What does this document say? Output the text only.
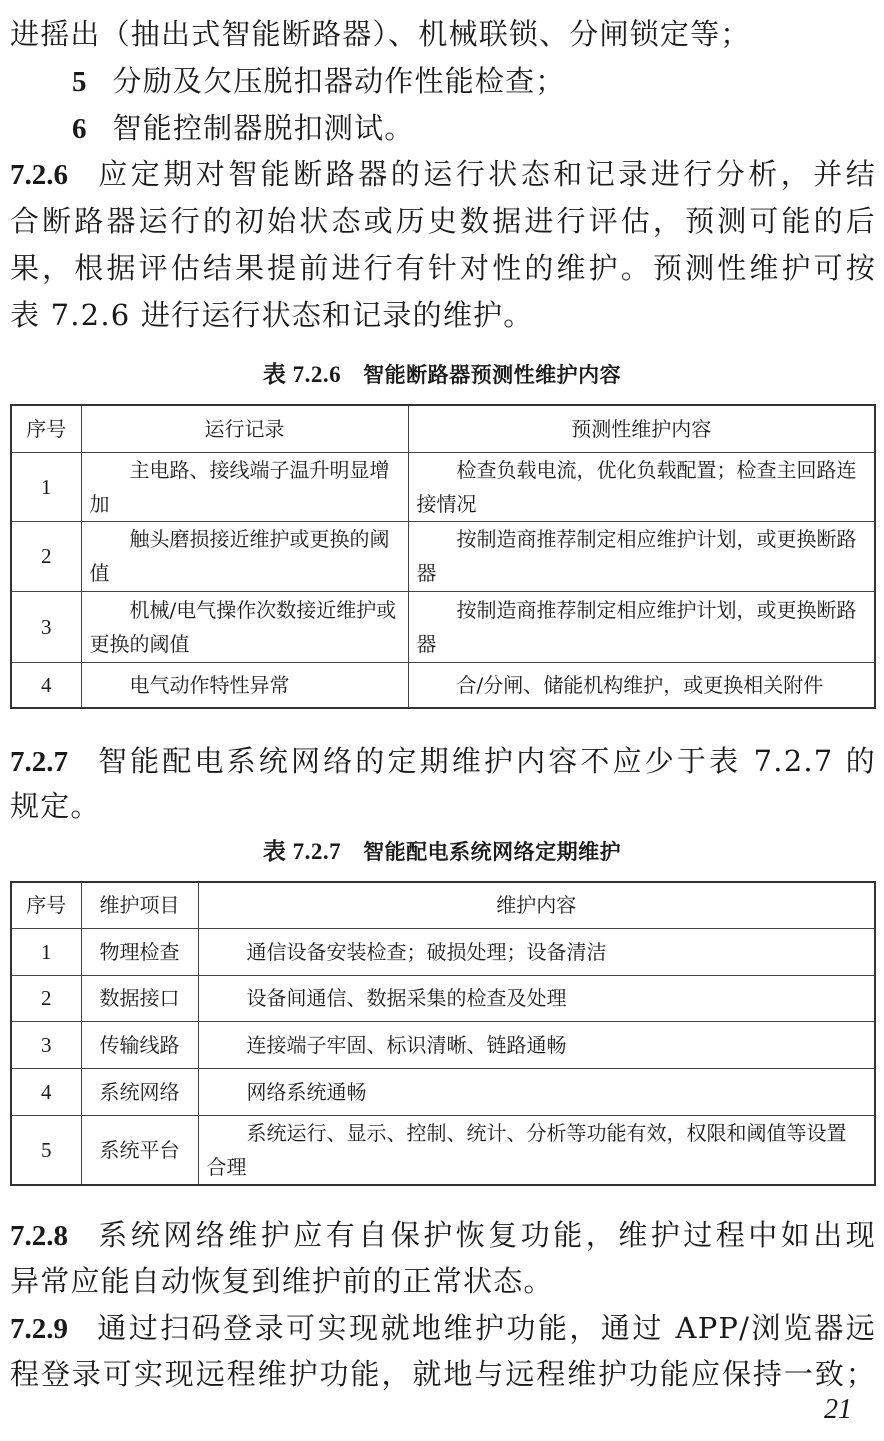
进摇出（抽出式智能断路器）、机械联锁、分闸锁定等；
5 分励及欠压脱扣器动作性能检查；
6 智能控制器脱扣测试。
7.2.6 应定期对智能断路器的运行状态和记录进行分析，并结
合断路器运行的初始状态或历史数据进行评估，预测可能的后
果，根据评估结果提前进行有针对性的维护。预测性维护可按
表 7.2.6 进行运行状态和记录的维护。
表 7.2.6 智能断路器预测性维护内容
序号	运行记录	预测性维护内容
1	主电路、接线端子温升明显增加	检查负载电流，优化负载配置；检查主回路连接情况
2	触头磨损接近维护或更换的阈值	按制造商推荐制定相应维护计划，或更换断路器
3	机械/电气操作次数接近维护或更换的阈值	按制造商推荐制定相应维护计划，或更换断路器
4	电气动作特性异常	合/分闸、储能机构维护，或更换相关附件
7.2.7 智能配电系统网络的定期维护内容不应少于表 7.2.7 的
规定。
表 7.2.7 智能配电系统网络定期维护
序号	维护项目	维护内容
1	物理检查	通信设备安装检查；破损处理；设备清洁
2	数据接口	设备间通信、数据采集的检查及处理
3	传输线路	连接端子牢固、标识清晰、链路通畅
4	系统网络	网络系统通畅
5	系统平台	系统运行、显示、控制、统计、分析等功能有效，权限和阈值等设置合理
7.2.8 系统网络维护应有自保护恢复功能，维护过程中如出现
异常应能自动恢复到维护前的正常状态。
7.2.9 通过扫码登录可实现就地维护功能，通过 APP/浏览器远
程登录可实现远程维护功能，就地与远程维护功能应保持一致；
21
